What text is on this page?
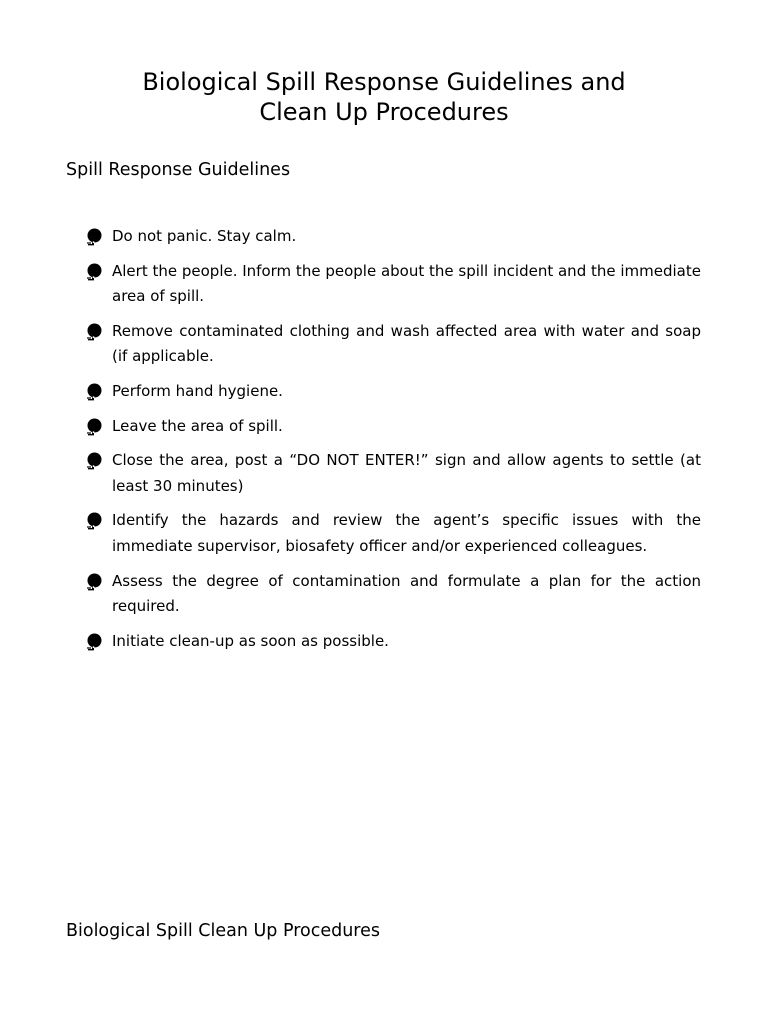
Biological Spill Response Guidelines and
Clean Up Procedures
Spill Response Guidelines
Do not panic. Stay calm.
Alert the people. Inform the people about the spill incident and the immediate area of spill.
Remove contaminated clothing and wash affected area with water and soap (if applicable.
Perform hand hygiene.
Leave the area of spill.
Close the area, post a “DO NOT ENTER!” sign and allow agents to settle (at least 30 minutes)
Identify the hazards and review the agent’s specific issues with the immediate supervisor, biosafety officer and/or experienced colleagues.
Assess the degree of contamination and formulate a plan for the action required.
Initiate clean-up as soon as possible.
Biological Spill Clean Up Procedures
